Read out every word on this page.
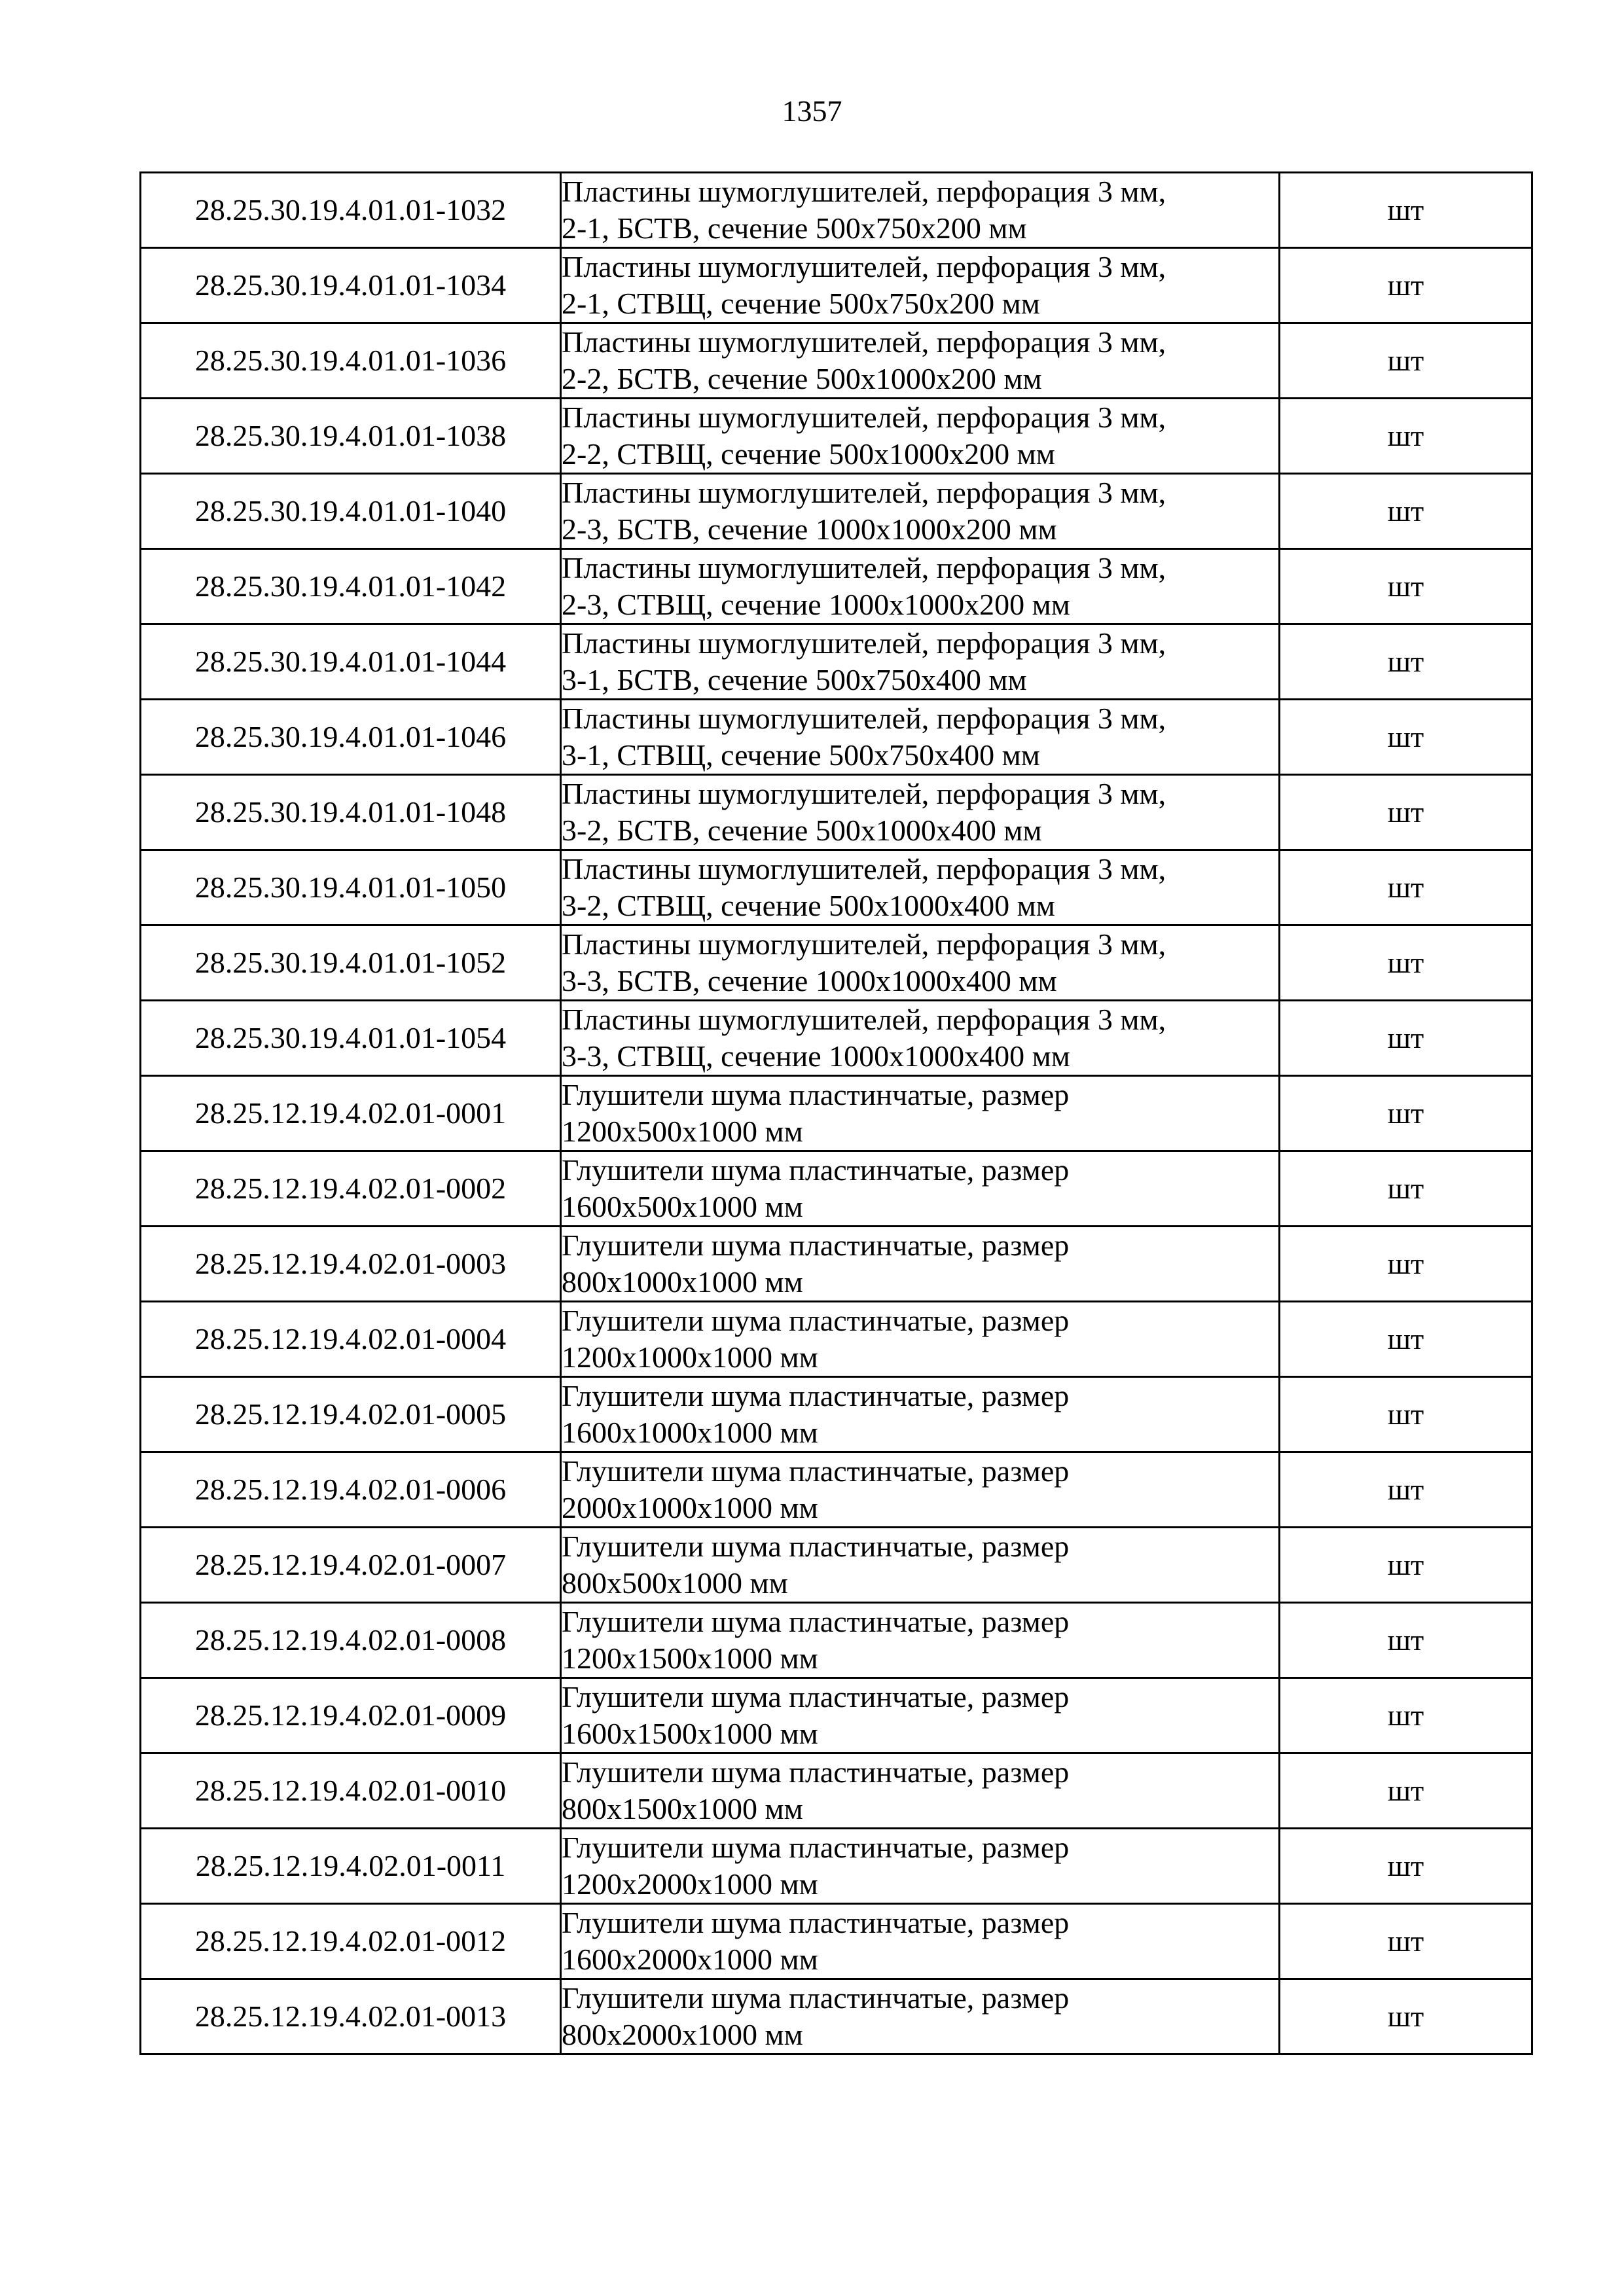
1357
28.25.30.19.4.01.01-1032	Пластины шумоглушителей, перфорация 3 мм,
2-1, БСТВ, сечение 500х750х200 мм	шт
28.25.30.19.4.01.01-1034	Пластины шумоглушителей, перфорация 3 мм,
2-1, СТВЩ, сечение 500х750х200 мм	шт
28.25.30.19.4.01.01-1036	Пластины шумоглушителей, перфорация 3 мм,
2-2, БСТВ, сечение 500х1000х200 мм	шт
28.25.30.19.4.01.01-1038	Пластины шумоглушителей, перфорация 3 мм,
2-2, СТВЩ, сечение 500х1000х200 мм	шт
28.25.30.19.4.01.01-1040	Пластины шумоглушителей, перфорация 3 мм,
2-3, БСТВ, сечение 1000х1000х200 мм	шт
28.25.30.19.4.01.01-1042	Пластины шумоглушителей, перфорация 3 мм,
2-3, СТВЩ, сечение 1000х1000х200 мм	шт
28.25.30.19.4.01.01-1044	Пластины шумоглушителей, перфорация 3 мм,
3-1, БСТВ, сечение 500х750х400 мм	шт
28.25.30.19.4.01.01-1046	Пластины шумоглушителей, перфорация 3 мм,
3-1, СТВЩ, сечение 500х750х400 мм	шт
28.25.30.19.4.01.01-1048	Пластины шумоглушителей, перфорация 3 мм,
3-2, БСТВ, сечение 500х1000х400 мм	шт
28.25.30.19.4.01.01-1050	Пластины шумоглушителей, перфорация 3 мм,
3-2, СТВЩ, сечение 500х1000х400 мм	шт
28.25.30.19.4.01.01-1052	Пластины шумоглушителей, перфорация 3 мм,
3-3, БСТВ, сечение 1000х1000х400 мм	шт
28.25.30.19.4.01.01-1054	Пластины шумоглушителей, перфорация 3 мм,
3-3, СТВЩ, сечение 1000х1000х400 мм	шт
28.25.12.19.4.02.01-0001	Глушители шума пластинчатые, размер
1200х500х1000 мм	шт
28.25.12.19.4.02.01-0002	Глушители шума пластинчатые, размер
1600х500х1000 мм	шт
28.25.12.19.4.02.01-0003	Глушители шума пластинчатые, размер
800х1000х1000 мм	шт
28.25.12.19.4.02.01-0004	Глушители шума пластинчатые, размер
1200х1000х1000 мм	шт
28.25.12.19.4.02.01-0005	Глушители шума пластинчатые, размер
1600х1000х1000 мм	шт
28.25.12.19.4.02.01-0006	Глушители шума пластинчатые, размер
2000х1000х1000 мм	шт
28.25.12.19.4.02.01-0007	Глушители шума пластинчатые, размер
800х500х1000 мм	шт
28.25.12.19.4.02.01-0008	Глушители шума пластинчатые, размер
1200х1500х1000 мм	шт
28.25.12.19.4.02.01-0009	Глушители шума пластинчатые, размер
1600х1500х1000 мм	шт
28.25.12.19.4.02.01-0010	Глушители шума пластинчатые, размер
800х1500х1000 мм	шт
28.25.12.19.4.02.01-0011	Глушители шума пластинчатые, размер
1200х2000х1000 мм	шт
28.25.12.19.4.02.01-0012	Глушители шума пластинчатые, размер
1600х2000х1000 мм	шт
28.25.12.19.4.02.01-0013	Глушители шума пластинчатые, размер
800х2000х1000 мм	шт
